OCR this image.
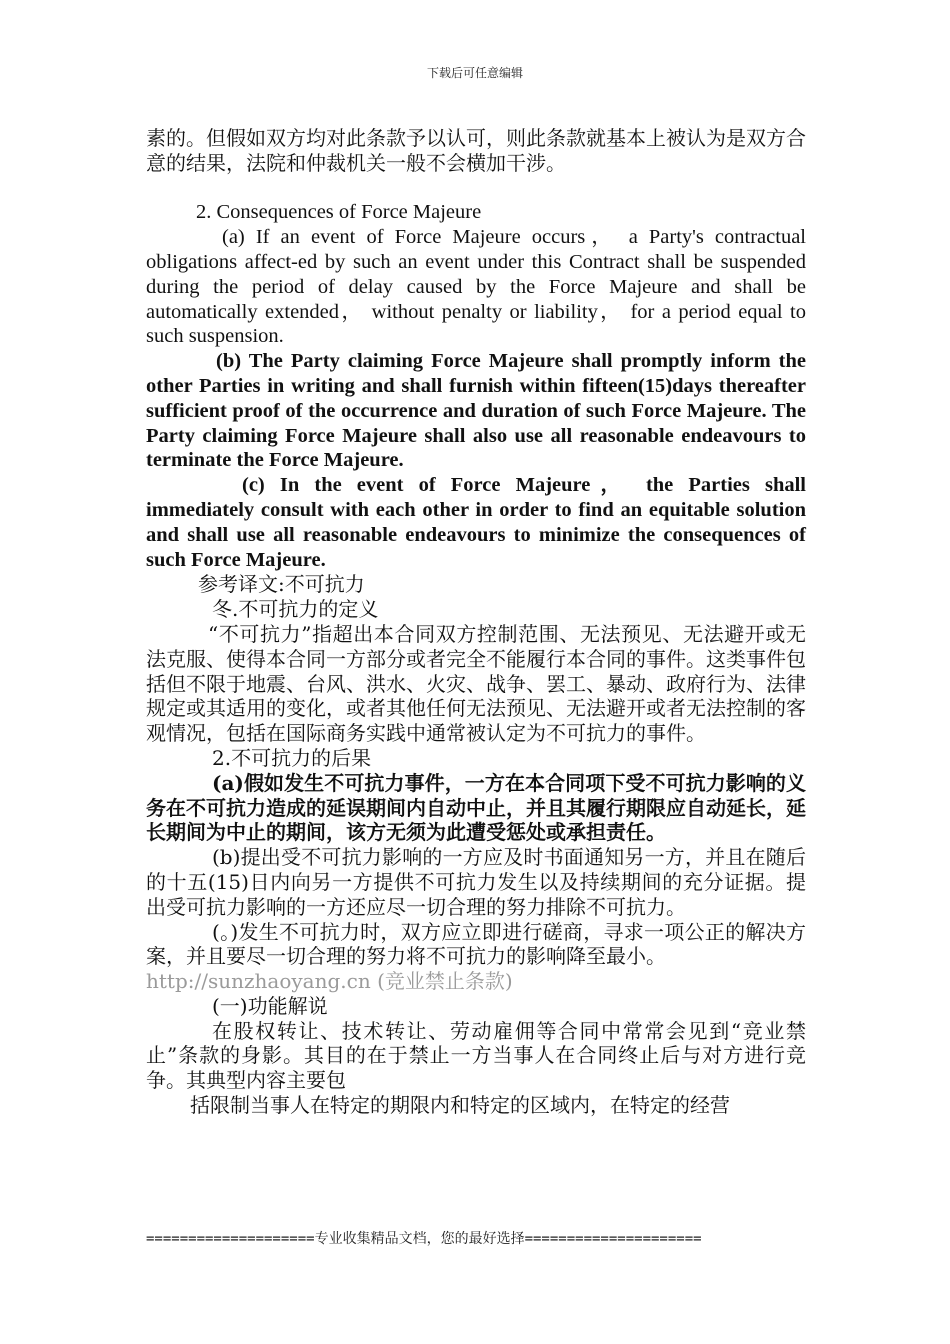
下载后可任意编辑

素的。但假如双方均对此条款予以认可，则此条款就基本上被认为是双方合意的结果，法院和仲裁机关一般不会横加干涉。

2. Consequences of Force Majeure

(a) If an event of Force Majeure occurs， a Party's contractual obligations affect-ed by such an event under this Contract shall be suspended during the period of delay caused by the Force Majeure and shall be automatically extended， without penalty or liability， for a period equal to such suspension.

(b) The Party claiming Force Majeure shall promptly inform the other Parties in writing and shall furnish within fifteen(15)days thereafter sufficient proof of the occurrence and duration of such Force Majeure. The Party claiming Force Majeure shall also use all reasonable endeavours to terminate the Force Majeure.

(c) In the event of Force Majeure， the Parties shall immediately consult with each other in order to find an equitable solution and shall use all reasonable endeavours to minimize the consequences of such Force Majeure.

参考译文:不可抗力

冬.不可抗力的定义

“不可抗力”指超出本合同双方控制范围、无法预见、无法避开或无法克服、使得本合同一方部分或者完全不能履行本合同的事件。这类事件包括但不限于地震、台风、洪水、火灾、战争、罢工、暴动、政府行为、法律规定或其适用的变化，或者其他任何无法预见、无法避开或者无法控制的客观情况，包括在国际商务实践中通常被认定为不可抗力的事件。

2.不可抗力的后果

(a)假如发生不可抗力事件，一方在本合同项下受不可抗力影响的义务在不可抗力造成的延误期间内自动中止，并且其履行期限应自动延长，延长期间为中止的期间，该方无须为此遭受惩处或承担责任。

(b)提出受不可抗力影响的一方应及时书面通知另一方，并且在随后的十五(15)日内向另一方提供不可抗力发生以及持续期间的充分证据。提出受可抗力影响的一方还应尽一切合理的努力排除不可抗力。

(。)发生不可抗力时，双方应立即进行磋商，寻求一项公正的解决方案，并且要尽一切合理的努力将不可抗力的影响降至最小。

http://sunzhaoyang.cn (竞业禁止条款)

(一)功能解说

在股权转让、技术转让、劳动雇佣等合同中常常会见到“竞业禁止”条款的身影。其目的在于禁止一方当事人在合同终止后与对方进行竞争。其典型内容主要包

括限制当事人在特定的期限内和特定的区域内，在特定的经营

====================专业收集精品文档，您的最好选择=====================
